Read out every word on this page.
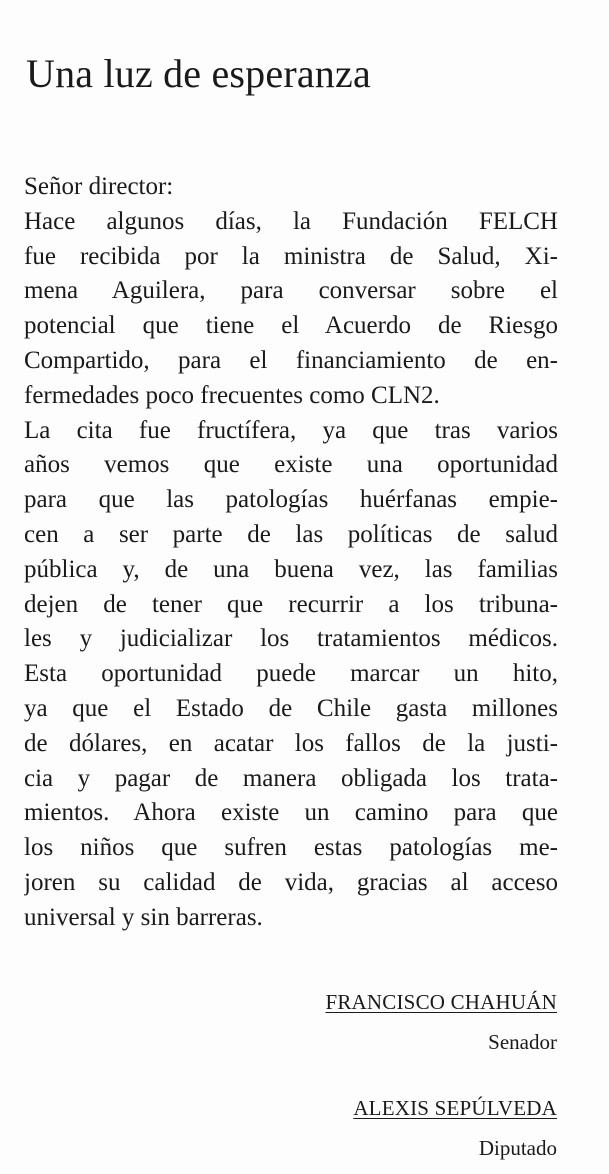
Una luz de esperanza
Señor director:
Hace algunos días, la Fundación FELCH
fue recibida por la ministra de Salud, Xi-
mena Aguilera, para conversar sobre el
potencial que tiene el Acuerdo de Riesgo
Compartido, para el financiamiento de en-
fermedades poco frecuentes como CLN2.
La cita fue fructífera, ya que tras varios
años vemos que existe una oportunidad
para que las patologías huérfanas empie-
cen a ser parte de las políticas de salud
pública y, de una buena vez, las familias
dejen de tener que recurrir a los tribuna-
les y judicializar los tratamientos médicos.
Esta oportunidad puede marcar un hito,
ya que el Estado de Chile gasta millones
de dólares, en acatar los fallos de la justi-
cia y pagar de manera obligada los trata-
mientos. Ahora existe un camino para que
los niños que sufren estas patologías me-
joren su calidad de vida, gracias al acceso
universal y sin barreras.
FRANCISCO CHAHUÁN
Senador
ALEXIS SEPÚLVEDA
Diputado
